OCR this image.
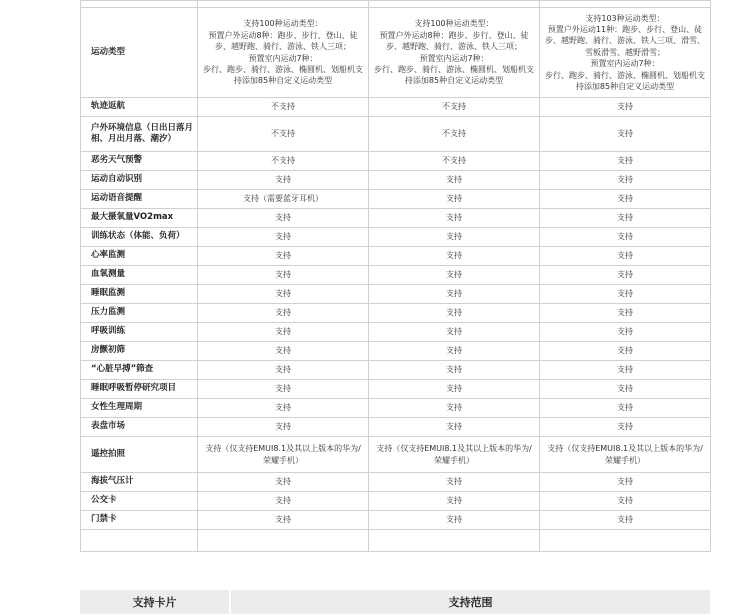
运动类型	支持100种运动类型：
预置户外运动8种：跑步、步行、登山、徒步、越野跑、骑行、游泳、铁人三项；
预置室内运动7种：
步行、跑步、骑行、游泳、椭圆机、划船机支持添加85种自定义运动类型	支持100种运动类型：
预置户外运动8种：跑步、步行、登山、徒步、越野跑、骑行、游泳、铁人三项；
预置室内运动7种：
步行、跑步、骑行、游泳、椭圆机、划船机支持添加85种自定义运动类型	支持103种运动类型：
预置户外运动11种：跑步、步行、登山、徒步、越野跑、骑行、游泳、铁人三项、滑雪、雪板滑雪、越野滑雪；
预置室内运动7种：
步行、跑步、骑行、游泳、椭圆机、划船机支持添加85种自定义运动类型
轨迹返航	不支持	不支持	支持
户外环境信息（日出日落月相、月出月落、潮汐）	不支持	不支持	支持
恶劣天气预警	不支持	不支持	支持
运动自动识别	支持	支持	支持
运动语音提醒	支持（需要蓝牙耳机）	支持	支持
最大摄氧量VO2max	支持	支持	支持
训练状态（体能、负荷）	支持	支持	支持
心率监测	支持	支持	支持
血氧测量	支持	支持	支持
睡眠监测	支持	支持	支持
压力监测	支持	支持	支持
呼吸训练	支持	支持	支持
房颤初筛	支持	支持	支持
“心脏早搏”筛查	支持	支持	支持
睡眠呼吸暂停研究项目	支持	支持	支持
女性生理周期	支持	支持	支持
表盘市场	支持	支持	支持
遥控拍照	支持（仅支持EMUI8.1及其以上版本的华为/荣耀手机）	支持（仅支持EMUI8.1及其以上版本的华为/荣耀手机）	支持（仅支持EMUI8.1及其以上版本的华为/荣耀手机）
海拔气压计	支持	支持	支持
公交卡	支持	支持	支持
门禁卡	支持	支持	支持

支持卡片	支持范围
